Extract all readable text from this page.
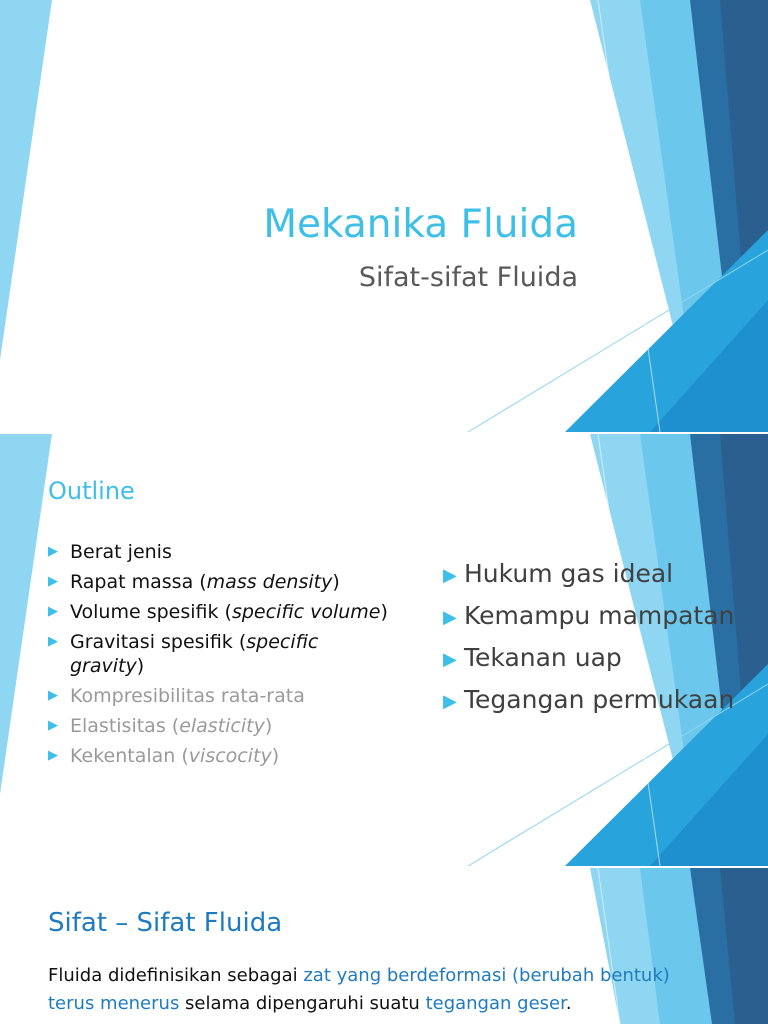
Mekanika Fluida
Sifat-sifat Fluida
Outline
▶ Berat jenis
▶ Rapat massa (mass density)
▶ Volume spesifik (specific volume)
▶ Gravitasi spesifik (specific
gravity)
▶ Kompresibilitas rata-rata
▶ Elastisitas (elasticity)
▶ Kekentalan (viscocity)
▶ Hukum gas ideal
▶ Kemampu mampatan
▶ Tekanan uap
▶ Tegangan permukaan
Sifat – Sifat Fluida
Fluida didefinisikan sebagai zat yang berdeformasi (berubah bentuk) terus menerus selama dipengaruhi suatu tegangan geser.
